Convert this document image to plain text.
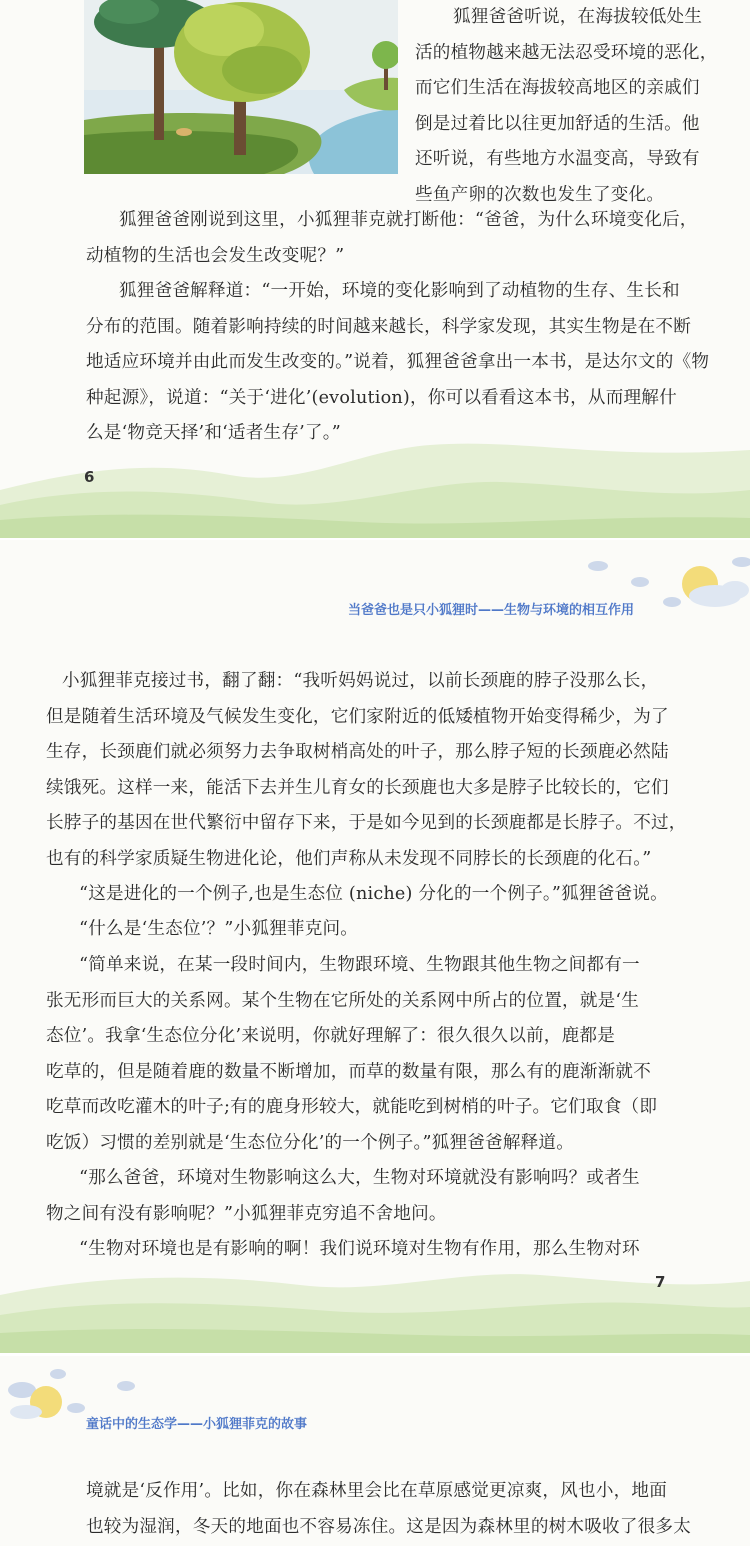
狐狸爸爸听说，在海拔较低处生
活的植物越来越无法忍受环境的恶化，
而它们生活在海拔较高地区的亲戚们
倒是过着比以往更加舒适的生活。他
还听说，有些地方水温变高，导致有
些鱼产卵的次数也发生了变化。

狐狸爸爸刚说到这里，小狐狸菲克就打断他：“爸爸，为什么环境变化后，
动植物的生活也会发生改变呢？”

狐狸爸爸解释道：“一开始，环境的变化影响到了动植物的生存、生长和
分布的范围。随着影响持续的时间越来越长，科学家发现，其实生物是在不断
地适应环境并由此而发生改变的。”说着，狐狸爸爸拿出一本书，是达尔文的《物
种起源》，说道：“关于‘进化’(evolution)，你可以看看这本书，从而理解什
么是‘物竞天择’和‘适者生存’了。”

6
当爸爸也是只小狐狸时——生物与环境的相互作用

小狐狸菲克接过书，翻了翻：“我听妈妈说过，以前长颈鹿的脖子没那么长，
但是随着生活环境及气候发生变化，它们家附近的低矮植物开始变得稀少，为了
生存，长颈鹿们就必须努力去争取树梢高处的叶子，那么脖子短的长颈鹿必然陆
续饿死。这样一来，能活下去并生儿育女的长颈鹿也大多是脖子比较长的，它们
长脖子的基因在世代繁衍中留存下来，于是如今见到的长颈鹿都是长脖子。不过，
也有的科学家质疑生物进化论，他们声称从未发现不同脖长的长颈鹿的化石。”

“这是进化的一个例子,也是生态位 (niche) 分化的一个例子。”狐狸爸爸说。

“什么是‘生态位’？”小狐狸菲克问。

“简单来说，在某一段时间内，生物跟环境、生物跟其他生物之间都有一
张无形而巨大的关系网。某个生物在它所处的关系网中所占的位置，就是‘生
态位’。我拿‘生态位分化’来说明，你就好理解了：很久很久以前，鹿都是
吃草的，但是随着鹿的数量不断增加，而草的数量有限，那么有的鹿渐渐就不
吃草而改吃灌木的叶子;有的鹿身形较大，就能吃到树梢的叶子。它们取食（即
吃饭）习惯的差别就是‘生态位分化’的一个例子。”狐狸爸爸解释道。

“那么爸爸，环境对生物影响这么大，生物对环境就没有影响吗？或者生
物之间有没有影响呢？”小狐狸菲克穷追不舍地问。

“生物对环境也是有影响的啊！我们说环境对生物有作用，那么生物对环

7
童话中的生态学——小狐狸菲克的故事

境就是‘反作用’。比如，你在森林里会比在草原感觉更凉爽，风也小，地面
也较为湿润，冬天的地面也不容易冻住。这是因为森林里的树木吸收了很多太
